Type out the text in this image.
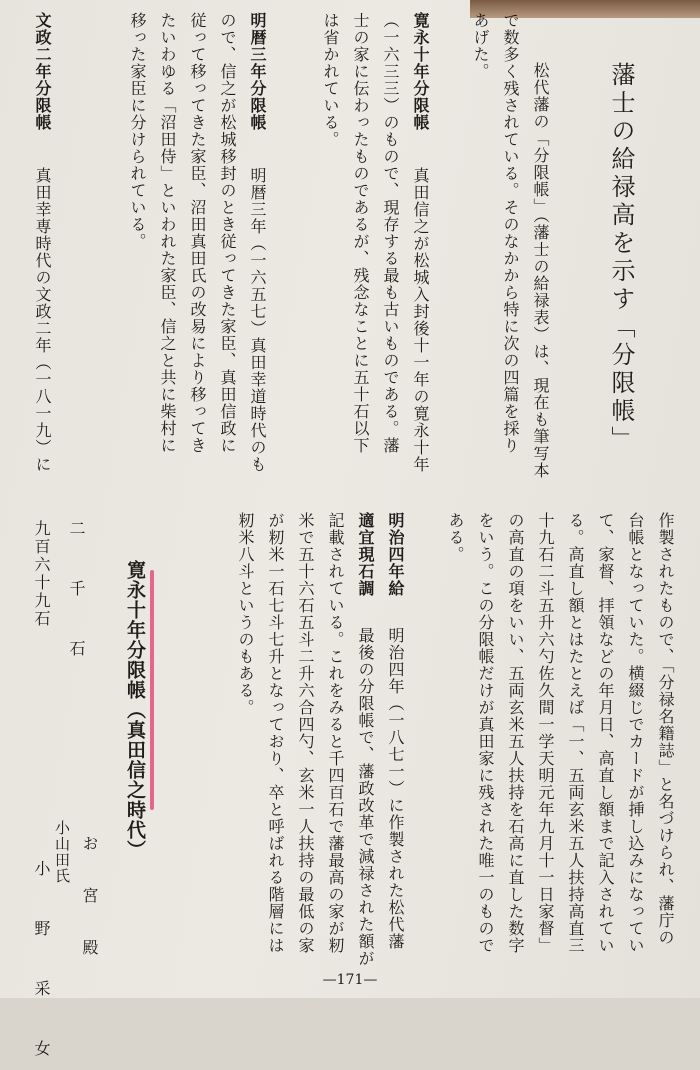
藩士の給禄高を示す「分限帳」
松代藩の「分限帳」（藩士の給禄表）は、現在も筆写本
で数多く残されている。そのなかから特に次の四篇を採り
あげた。
寛永十年分限帳
　真田信之が松城入封後十一年の寛永十年
（一六三三）のもので、現存する最も古いものである。藩
士の家に伝わったものであるが、残念なことに五十石以下
は省かれている。
明暦三年分限帳
　明暦三年（一六五七）真田幸道時代のも
ので、信之が松城移封のとき従ってきた家臣、真田信政に
従って移ってきた家臣、沼田真田氏の改易により移ってき
たいわゆる「沼田侍」といわれた家臣、信之と共に柴村に
移った家臣に分けられている。
文政二年分限帳
　真田幸専時代の文政二年（一八一九）に
作製されたもので、「分禄名籍誌」と名づけられ、藩庁の
台帳となっていた。横綴じでカードが挿し込みになってい
て、家督、拝領などの年月日、高直し額まで記入されてい
る。高直し額とはたとえば「一、五両玄米五人扶持高直三
十九石二斗五升六勺佐久間一学天明元年九月十一日家督」
の高直の項をいい、五両玄米五人扶持を石高に直した数字
をいう。この分限帳だけが真田家に残された唯一のもので
ある。
明治四年給
適宜現石調
　明治四年（一八七一）に作製された松代藩
　最後の分限帳で、藩政改革で減禄された額が
記載されている。これをみると千四百石で藩最高の家が籾
米で五十六石五斗二升六合四勺、玄米一人扶持の最低の家
が籾米一石七斗七升となっており、卒と呼ばれる階層には
籾米八斗というのもある。
寛永十年分限帳（真田信之時代）
二　千　石
九百六十九石
お　宮　殿
小山田氏
小　野　采　女	—171—
